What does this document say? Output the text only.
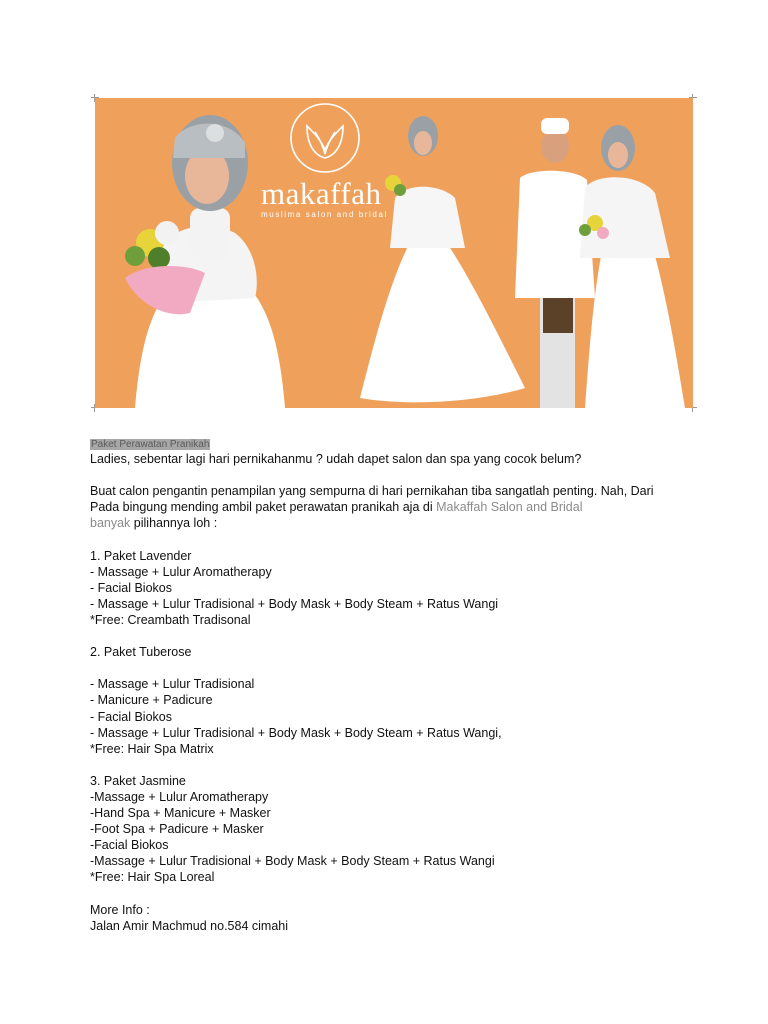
makaffah
muslima salon and bridal
Paket Perawatan Pranikah

Ladies, sebentar lagi hari pernikahanmu ? udah dapet salon dan spa yang cocok belum?

Buat calon pengantin penampilan yang sempurna di hari pernikahan tiba sangatlah penting. Nah, Dari

Pada bingung mending ambil paket perawatan pranikah aja di Makaffah Salon and Bridal

banyak pilihannya loh :

1. Paket Lavender

- Massage + Lulur Aromatherapy

- Facial Biokos

- Massage + Lulur Tradisional + Body Mask + Body Steam + Ratus Wangi

*Free: Creambath Tradisonal

2. Paket Tuberose

- Massage + Lulur Tradisional

- Manicure + Padicure

- Facial Biokos

- Massage + Lulur Tradisional + Body Mask + Body Steam + Ratus Wangi,

*Free: Hair Spa Matrix

3. Paket Jasmine

-Massage + Lulur Aromatherapy

-Hand Spa + Manicure + Masker

-Foot Spa + Padicure + Masker

-Facial Biokos

-Massage + Lulur Tradisional + Body Mask + Body Steam + Ratus Wangi

*Free: Hair Spa Loreal

More Info :

Jalan Amir Machmud no.584 cimahi
